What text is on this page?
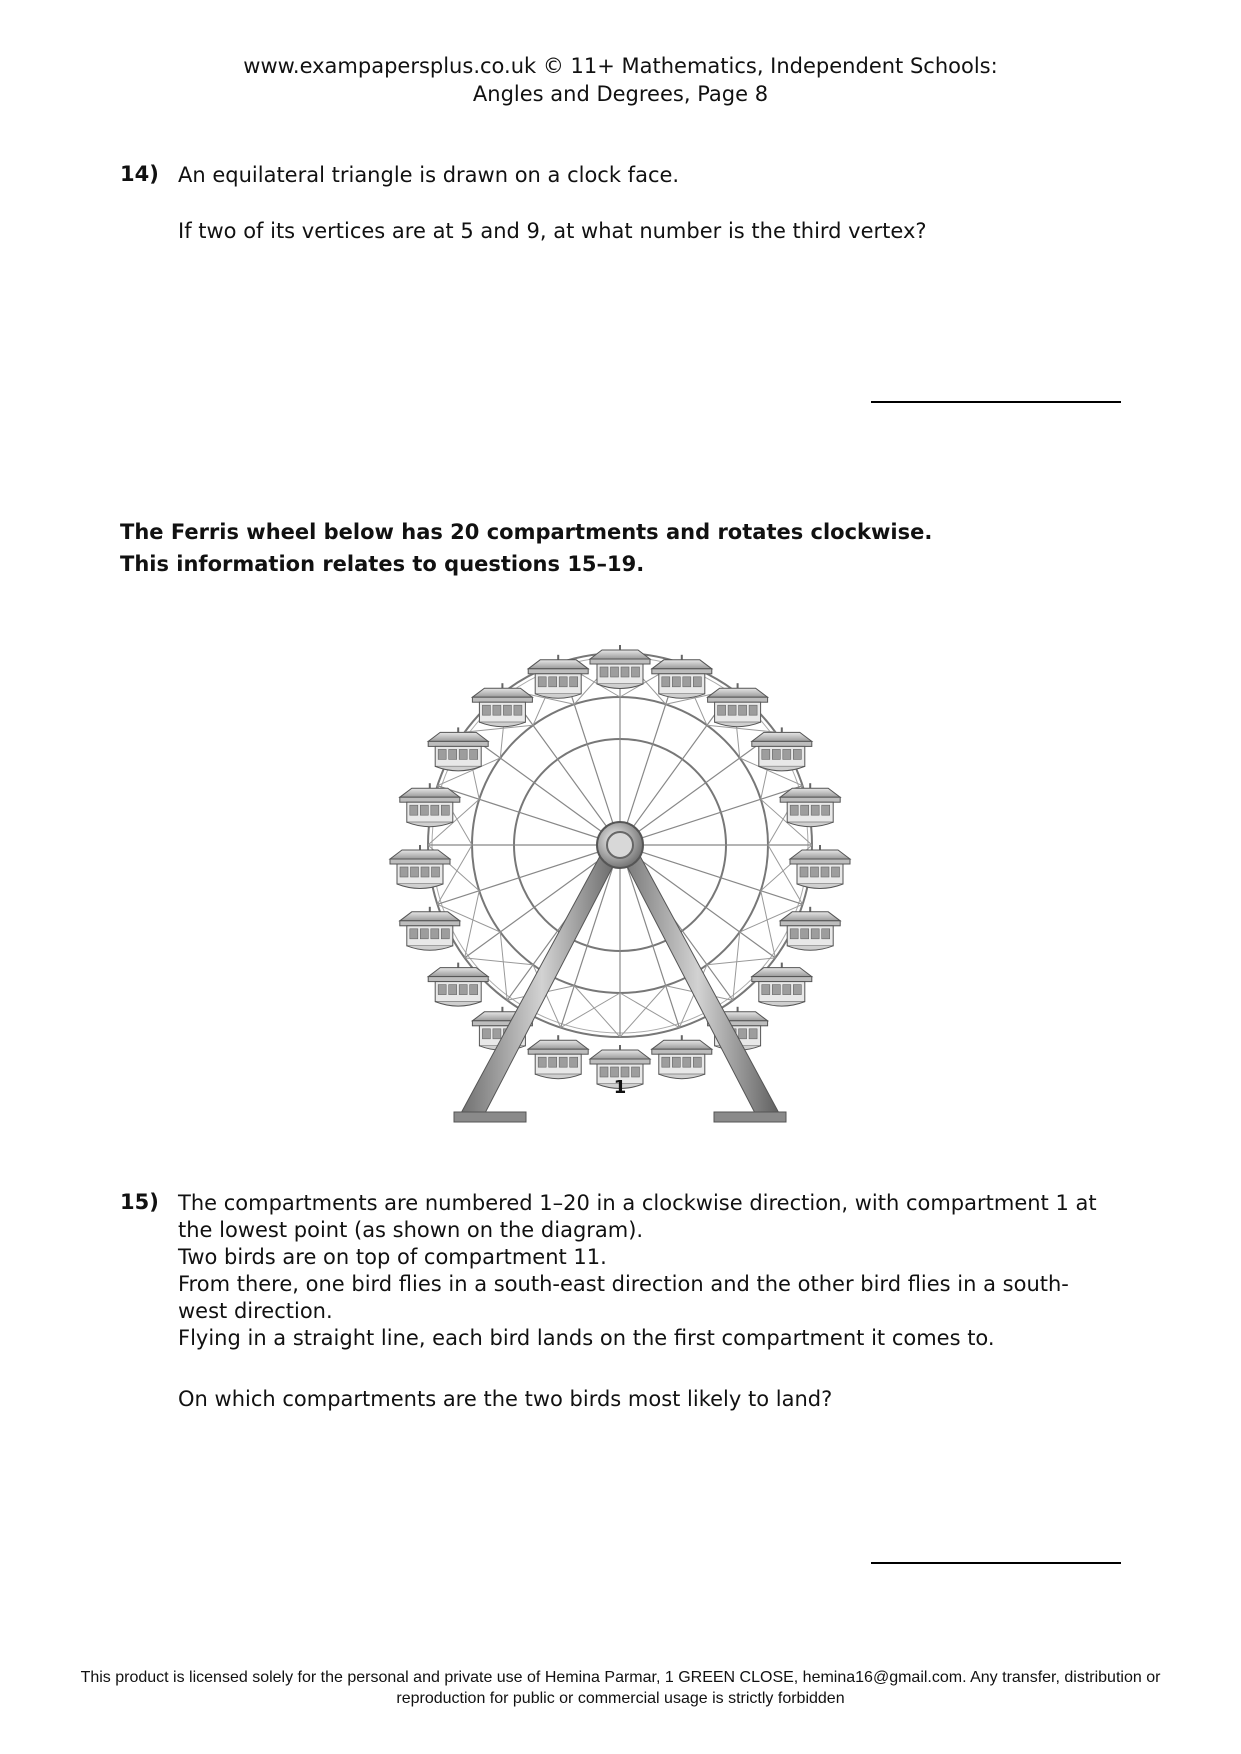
www.exampapersplus.co.uk © 11+ Mathematics, Independent Schools:
Angles and Degrees, Page 8
14) An equilateral triangle is drawn on a clock face.
If two of its vertices are at 5 and 9, at what number is the third vertex?
The Ferris wheel below has 20 compartments and rotates clockwise.
This information relates to questions 15–19.
1
15) The compartments are numbered 1–20 in a clockwise direction, with compartment 1 at
the lowest point (as shown on the diagram).
Two birds are on top of compartment 11.
From there, one bird flies in a south-east direction and the other bird flies in a south-
west direction.
Flying in a straight line, each bird lands on the first compartment it comes to.
On which compartments are the two birds most likely to land?
This product is licensed solely for the personal and private use of Hemina Parmar, 1 GREEN CLOSE, hemina16@gmail.com. Any transfer, distribution or
reproduction for public or commercial usage is strictly forbidden
